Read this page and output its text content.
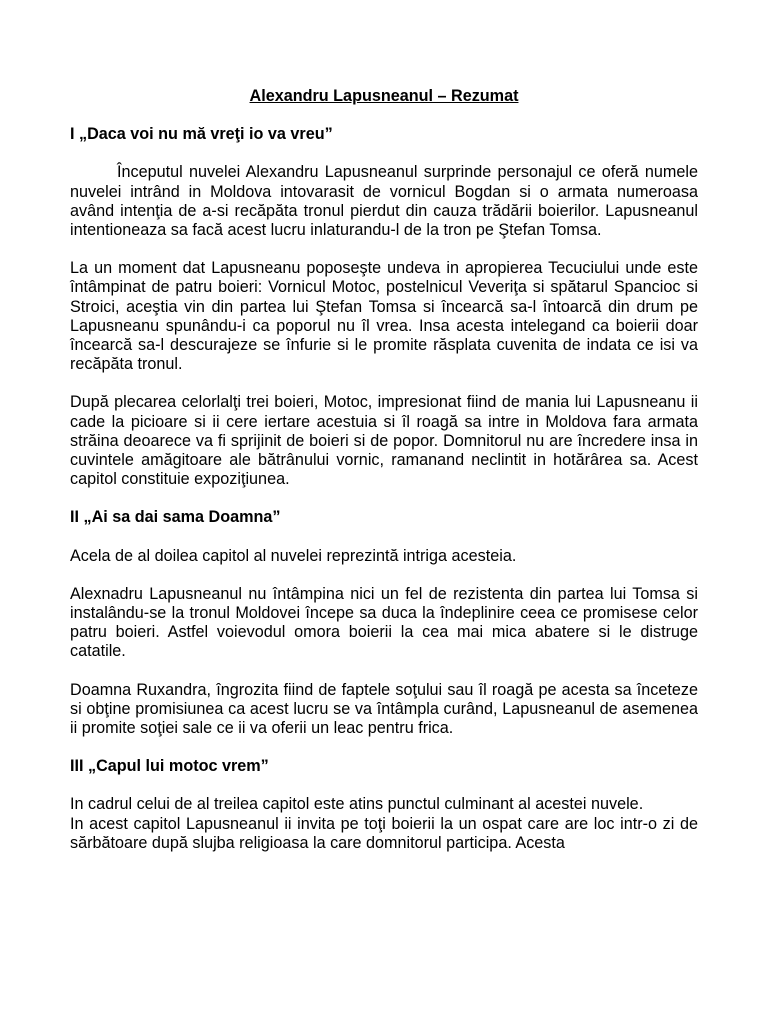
Alexandru Lapusneanul – Rezumat

I „Daca voi nu mă vreţi io va vreu”

Începutul nuvelei Alexandru Lapusneanul surprinde personajul ce oferă numele nuvelei intrând in Moldova intovarasit de vornicul Bogdan si o armata numeroasa având intenţia de a-si recăpăta tronul pierdut din cauza trădării boierilor. Lapusneanul intentioneaza sa facă acest lucru inlaturandu-l de la tron pe Ştefan Tomsa.

La un moment dat Lapusneanu poposeşte undeva in apropierea Tecuciului unde este întâmpinat de patru boieri: Vornicul Motoc, postelnicul Veveriţa si spătarul Spancioc si Stroici, aceştia vin din partea lui Ştefan Tomsa si încearcă sa-l întoarcă din drum pe Lapusneanu spunându-i ca poporul nu îl vrea. Insa acesta intelegand ca boierii doar încearcă sa-l descurajeze se înfurie si le promite răsplata cuvenita de indata ce isi va recăpăta tronul.

După plecarea celorlalţi trei boieri, Motoc, impresionat fiind de mania lui Lapusneanu ii cade la picioare si ii cere iertare acestuia si îl roagă sa intre in Moldova fara armata străina deoarece va fi sprijinit de boieri si de popor. Domnitorul nu are încredere insa in cuvintele amăgitoare ale bătrânului vornic, ramanand neclintit in hotărârea sa. Acest capitol constituie expoziţiunea.

II „Ai sa dai sama Doamna”

Acela de al doilea capitol al nuvelei reprezintă intriga acesteia.

Alexnadru Lapusneanul nu întâmpina nici un fel de rezistenta din partea lui Tomsa si instalându-se la tronul Moldovei începe sa duca la îndeplinire ceea ce promisese celor patru boieri. Astfel voievodul omora boierii la cea mai mica abatere si le distruge catatile.

Doamna Ruxandra, îngrozita fiind de faptele soţului sau îl roagă pe acesta sa înceteze si obţine promisiunea ca acest lucru se va întâmpla curând, Lapusneanul de asemenea ii promite soţiei sale ce ii va oferii un leac pentru frica.

III „Capul lui motoc vrem”

In cadrul celui de al treilea capitol este atins punctul culminant al acestei nuvele.

In acest capitol Lapusneanul ii invita pe toţi boierii la un ospat care are loc intr-o zi de sărbătoare după slujba religioasa la care domnitorul participa. Acesta
